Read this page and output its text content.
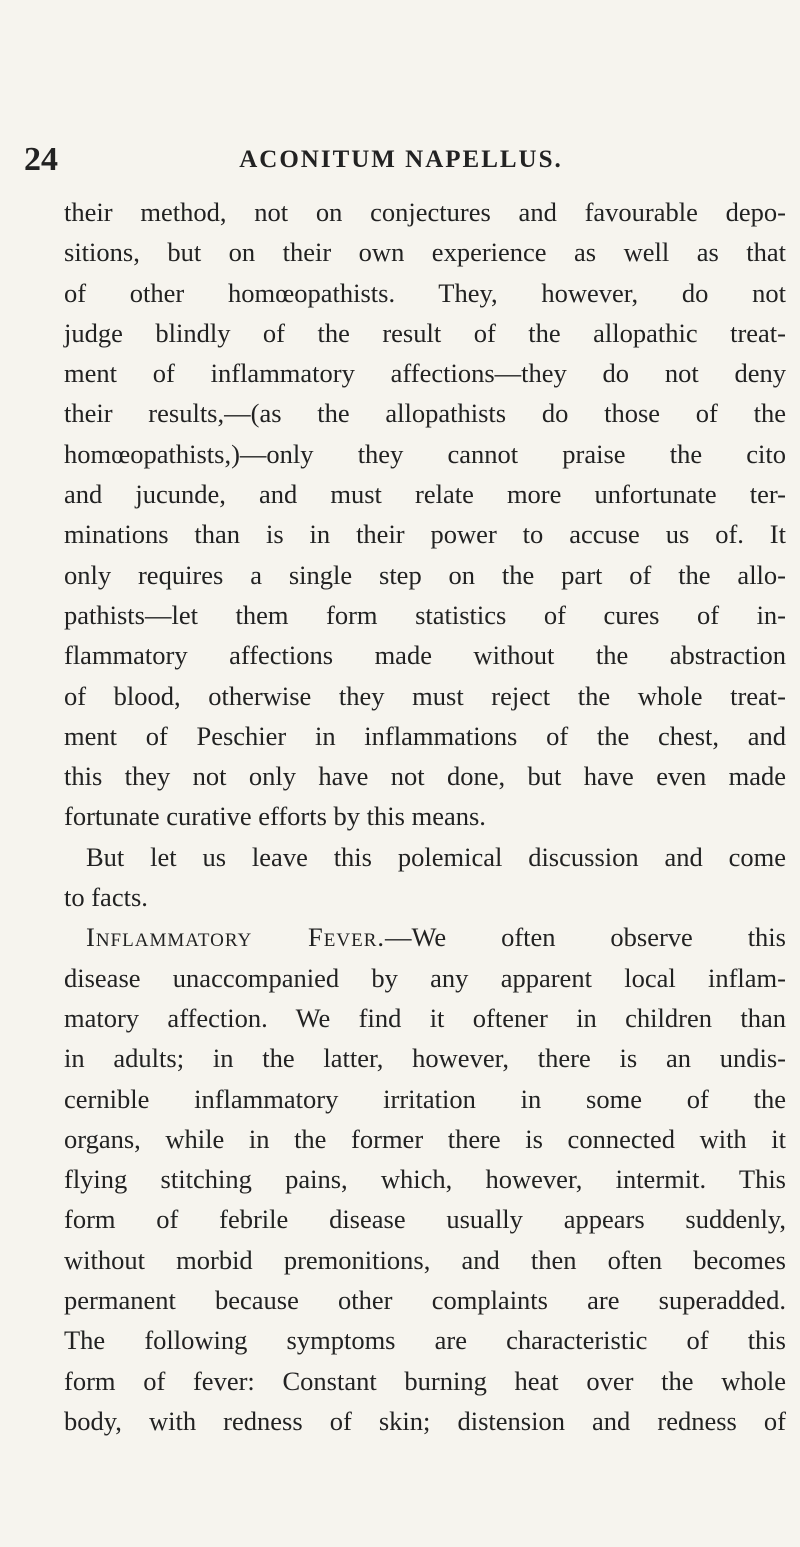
24	ACONITUM NAPELLUS.
their method, not on conjectures and favourable depo-
sitions, but on their own experience as well as that
of other homœopathists. They, however, do not
judge blindly of the result of the allopathic treat-
ment of inflammatory affections—they do not deny
their results,—(as the allopathists do those of the
homœopathists,)—only they cannot praise the cito
and jucunde, and must relate more unfortunate ter-
minations than is in their power to accuse us of. It
only requires a single step on the part of the allo-
pathists—let them form statistics of cures of in-
flammatory affections made without the abstraction
of blood, otherwise they must reject the whole treat-
ment of Peschier in inflammations of the chest, and
this they not only have not done, but have even made
fortunate curative efforts by this means.
But let us leave this polemical discussion and come
to facts.
Inflammatory Fever.—We often observe this
disease unaccompanied by any apparent local inflam-
matory affection. We find it oftener in children than
in adults; in the latter, however, there is an undis-
cernible inflammatory irritation in some of the
organs, while in the former there is connected with it
flying stitching pains, which, however, intermit. This
form of febrile disease usually appears suddenly,
without morbid premonitions, and then often becomes
permanent because other complaints are superadded.
The following symptoms are characteristic of this
form of fever: Constant burning heat over the whole
body, with redness of skin; distension and redness of
